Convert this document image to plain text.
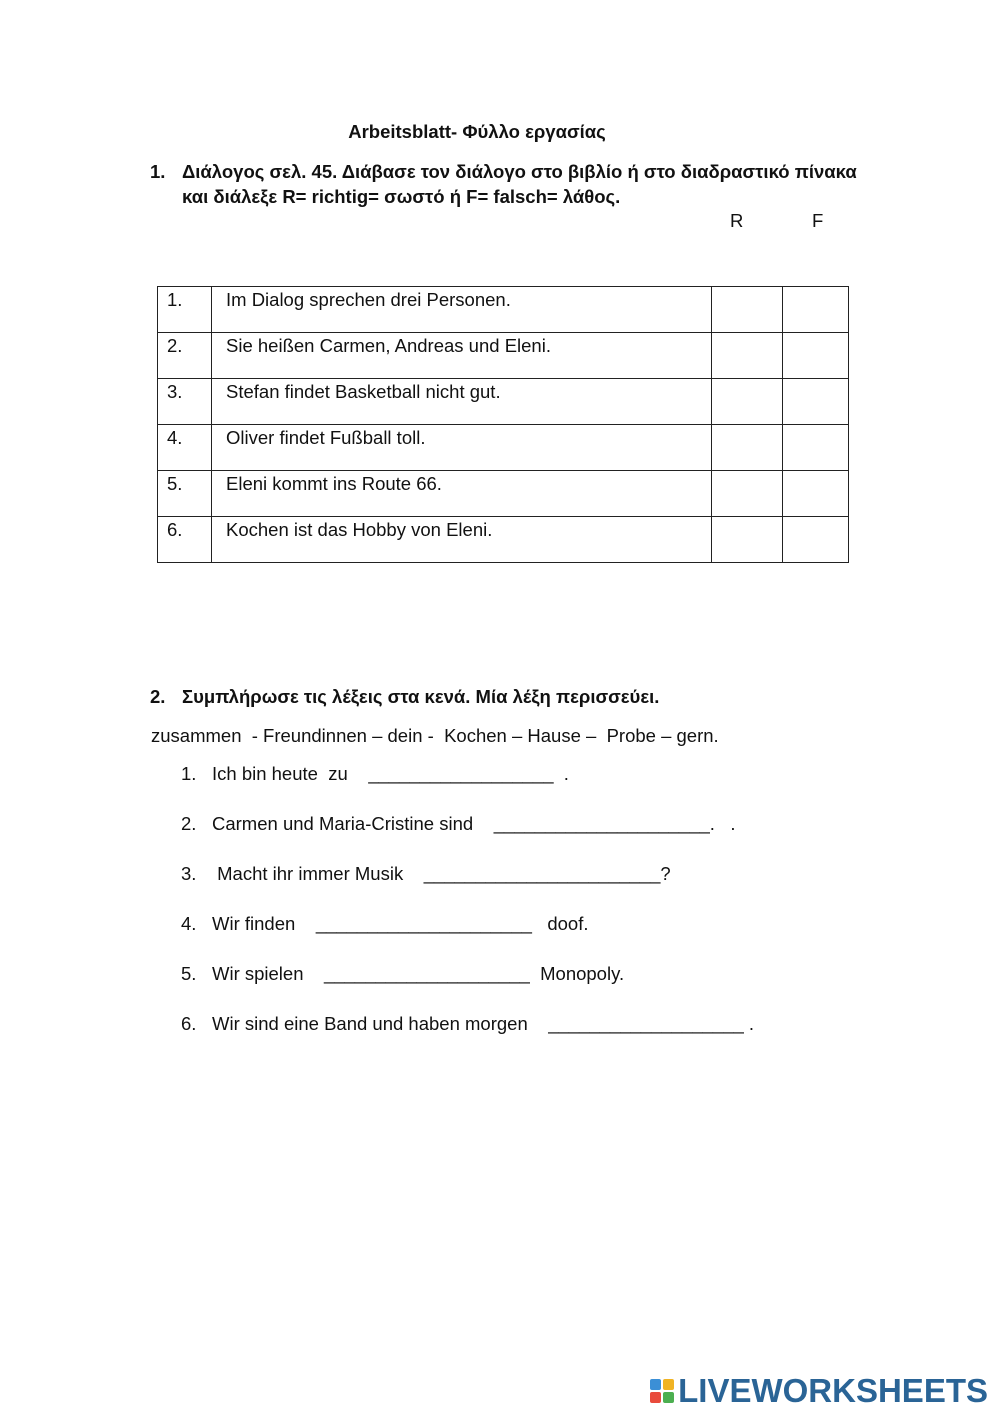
Arbeitsblatt- Φύλλο εργασίας
1. Διάλογος σελ. 45. Διάβασε τον διάλογο στο βιβλίο ή στο διαδραστικό πίνακα και διάλεξε R= richtig= σωστό ή F= falsch= λάθος.
R	F
1.	Im Dialog sprechen drei Personen.		
2.	Sie heißen Carmen, Andreas und Eleni.		
3.	Stefan findet Basketball nicht gut.		
4.	Oliver findet Fußball toll.		
5.	Eleni kommt ins Route 66.		
6.	Kochen ist das Hobby von Eleni.		
2. Συμπλήρωσε τις λέξεις στα κενά. Μία λέξη περισσεύει.
zusammen  - Freundinnen – dein -  Kochen – Hause –  Probe – gern.
1. Ich bin heute  zu    __________________  .
2. Carmen und Maria-Cristine sind    _____________________.   .
3. Macht ihr immer Musik    _______________________?
4. Wir finden    _____________________   doof.
5. Wir spielen    ____________________  Monopoly.
6. Wir sind eine Band und haben morgen    ___________________ .
LIVEWORKSHEETS
